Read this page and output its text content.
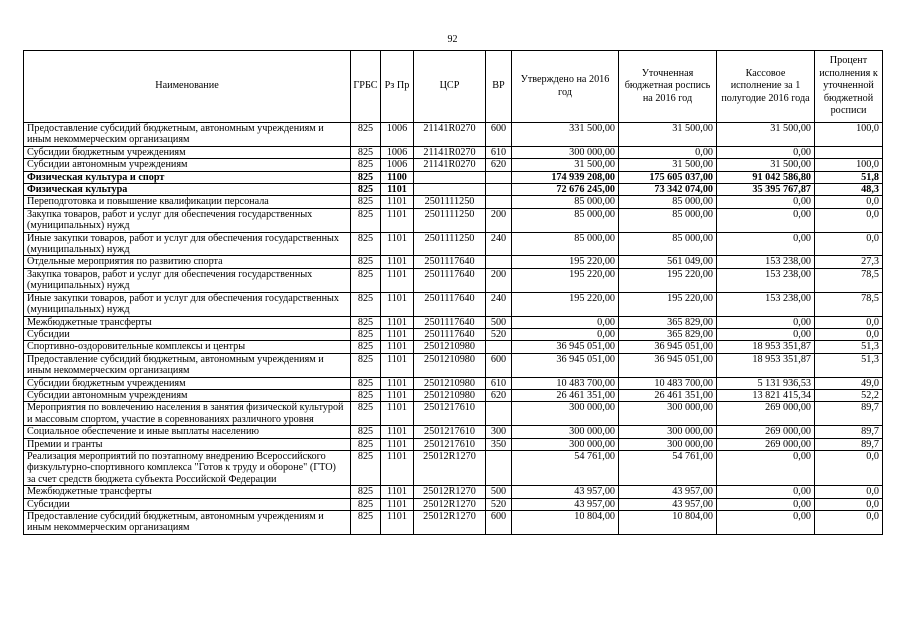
92
Наименование	ГРБС	Рз Пр	ЦСР	ВР	Утверждено на 2016 год	Уточненная бюджетная роспись на 2016 год	Кассовое исполнение за 1 полугодие 2016 года	Процент исполнения к уточненной бюджетной росписи
Предоставление субсидий бюджетным, автономным учреждениям и иным некоммерческим организациям	825	1006	21141R0270	600	331 500,00	31 500,00	31 500,00	100,0
Субсидии бюджетным учреждениям	825	1006	21141R0270	610	300 000,00	0,00	0,00	
Субсидии автономным учреждениям	825	1006	21141R0270	620	31 500,00	31 500,00	31 500,00	100,0
Физическая культура и спорт	825	1100			174 939 208,00	175 605 037,00	91 042 586,80	51,8
Физическая культура	825	1101			72 676 245,00	73 342 074,00	35 395 767,87	48,3
Переподготовка и повышение квалификации персонала	825	1101	2501111250		85 000,00	85 000,00	0,00	0,0
Закупка товаров, работ и услуг для обеспечения государственных (муниципальных) нужд	825	1101	2501111250	200	85 000,00	85 000,00	0,00	0,0
Иные закупки товаров, работ и услуг для обеспечения государственных (муниципальных) нужд	825	1101	2501111250	240	85 000,00	85 000,00	0,00	0,0
Отдельные мероприятия по развитию спорта	825	1101	2501117640		195 220,00	561 049,00	153 238,00	27,3
Закупка товаров, работ и услуг для обеспечения государственных (муниципальных) нужд	825	1101	2501117640	200	195 220,00	195 220,00	153 238,00	78,5
Иные закупки товаров, работ и услуг для обеспечения государственных (муниципальных) нужд	825	1101	2501117640	240	195 220,00	195 220,00	153 238,00	78,5
Межбюджетные трансферты	825	1101	2501117640	500	0,00	365 829,00	0,00	0,0
Субсидии	825	1101	2501117640	520	0,00	365 829,00	0,00	0,0
Спортивно-оздоровительные комплексы и центры	825	1101	2501210980		36 945 051,00	36 945 051,00	18 953 351,87	51,3
Предоставление субсидий бюджетным, автономным учреждениям и иным некоммерческим организациям	825	1101	2501210980	600	36 945 051,00	36 945 051,00	18 953 351,87	51,3
Субсидии бюджетным учреждениям	825	1101	2501210980	610	10 483 700,00	10 483 700,00	5 131 936,53	49,0
Субсидии автономным учреждениям	825	1101	2501210980	620	26 461 351,00	26 461 351,00	13 821 415,34	52,2
Мероприятия по вовлечению населения в занятия физической культурой и массовым спортом, участие в соревнованиях различного уровня	825	1101	2501217610		300 000,00	300 000,00	269 000,00	89,7
Социальное обеспечение и иные выплаты населению	825	1101	2501217610	300	300 000,00	300 000,00	269 000,00	89,7
Премии и гранты	825	1101	2501217610	350	300 000,00	300 000,00	269 000,00	89,7
Реализация мероприятий по поэтапному внедрению Всероссийского физкультурно-спортивного комплекса "Готов к труду и обороне" (ГТО) за счет средств бюджета субъекта Российской Федерации	825	1101	25012R1270		54 761,00	54 761,00	0,00	0,0
Межбюджетные трансферты	825	1101	25012R1270	500	43 957,00	43 957,00	0,00	0,0
Субсидии	825	1101	25012R1270	520	43 957,00	43 957,00	0,00	0,0
Предоставление субсидий бюджетным, автономным учреждениям и иным некоммерческим организациям	825	1101	25012R1270	600	10 804,00	10 804,00	0,00	0,0
